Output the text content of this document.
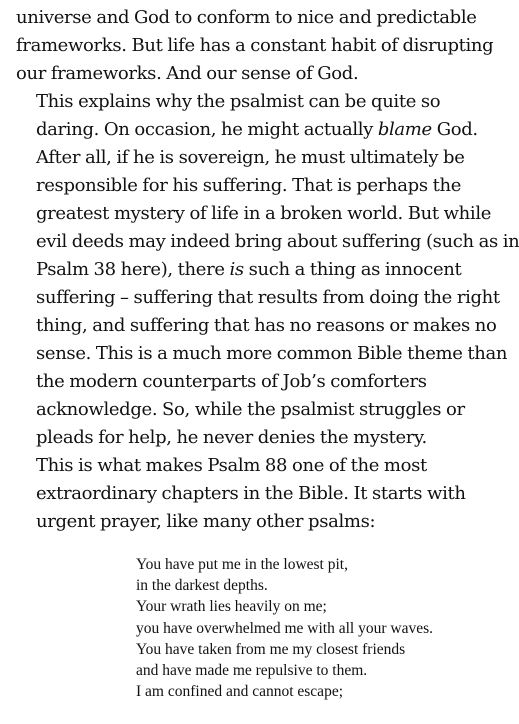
universe and God to conform to nice and predictable
frameworks. But life has a constant habit of disrupting
our frameworks. And our sense of God.

This explains why the psalmist can be quite so
daring. On occasion, he might actually blame God.
After all, if he is sovereign, he must ultimately be
responsible for his suffering. That is perhaps the
greatest mystery of life in a broken world. But while
evil deeds may indeed bring about suffering (such as in
Psalm 38 here), there is such a thing as innocent
suffering – suffering that results from doing the right
thing, and suffering that has no reasons or makes no
sense. This is a much more common Bible theme than
the modern counterparts of Job’s comforters
acknowledge. So, while the psalmist struggles or
pleads for help, he never denies the mystery.

This is what makes Psalm 88 one of the most
extraordinary chapters in the Bible. It starts with
urgent prayer, like many other psalms:

You have put me in the lowest pit,
in the darkest depths.
Your wrath lies heavily on me;
you have overwhelmed me with all your waves.
You have taken from me my closest friends
and have made me repulsive to them.
I am confined and cannot escape;
